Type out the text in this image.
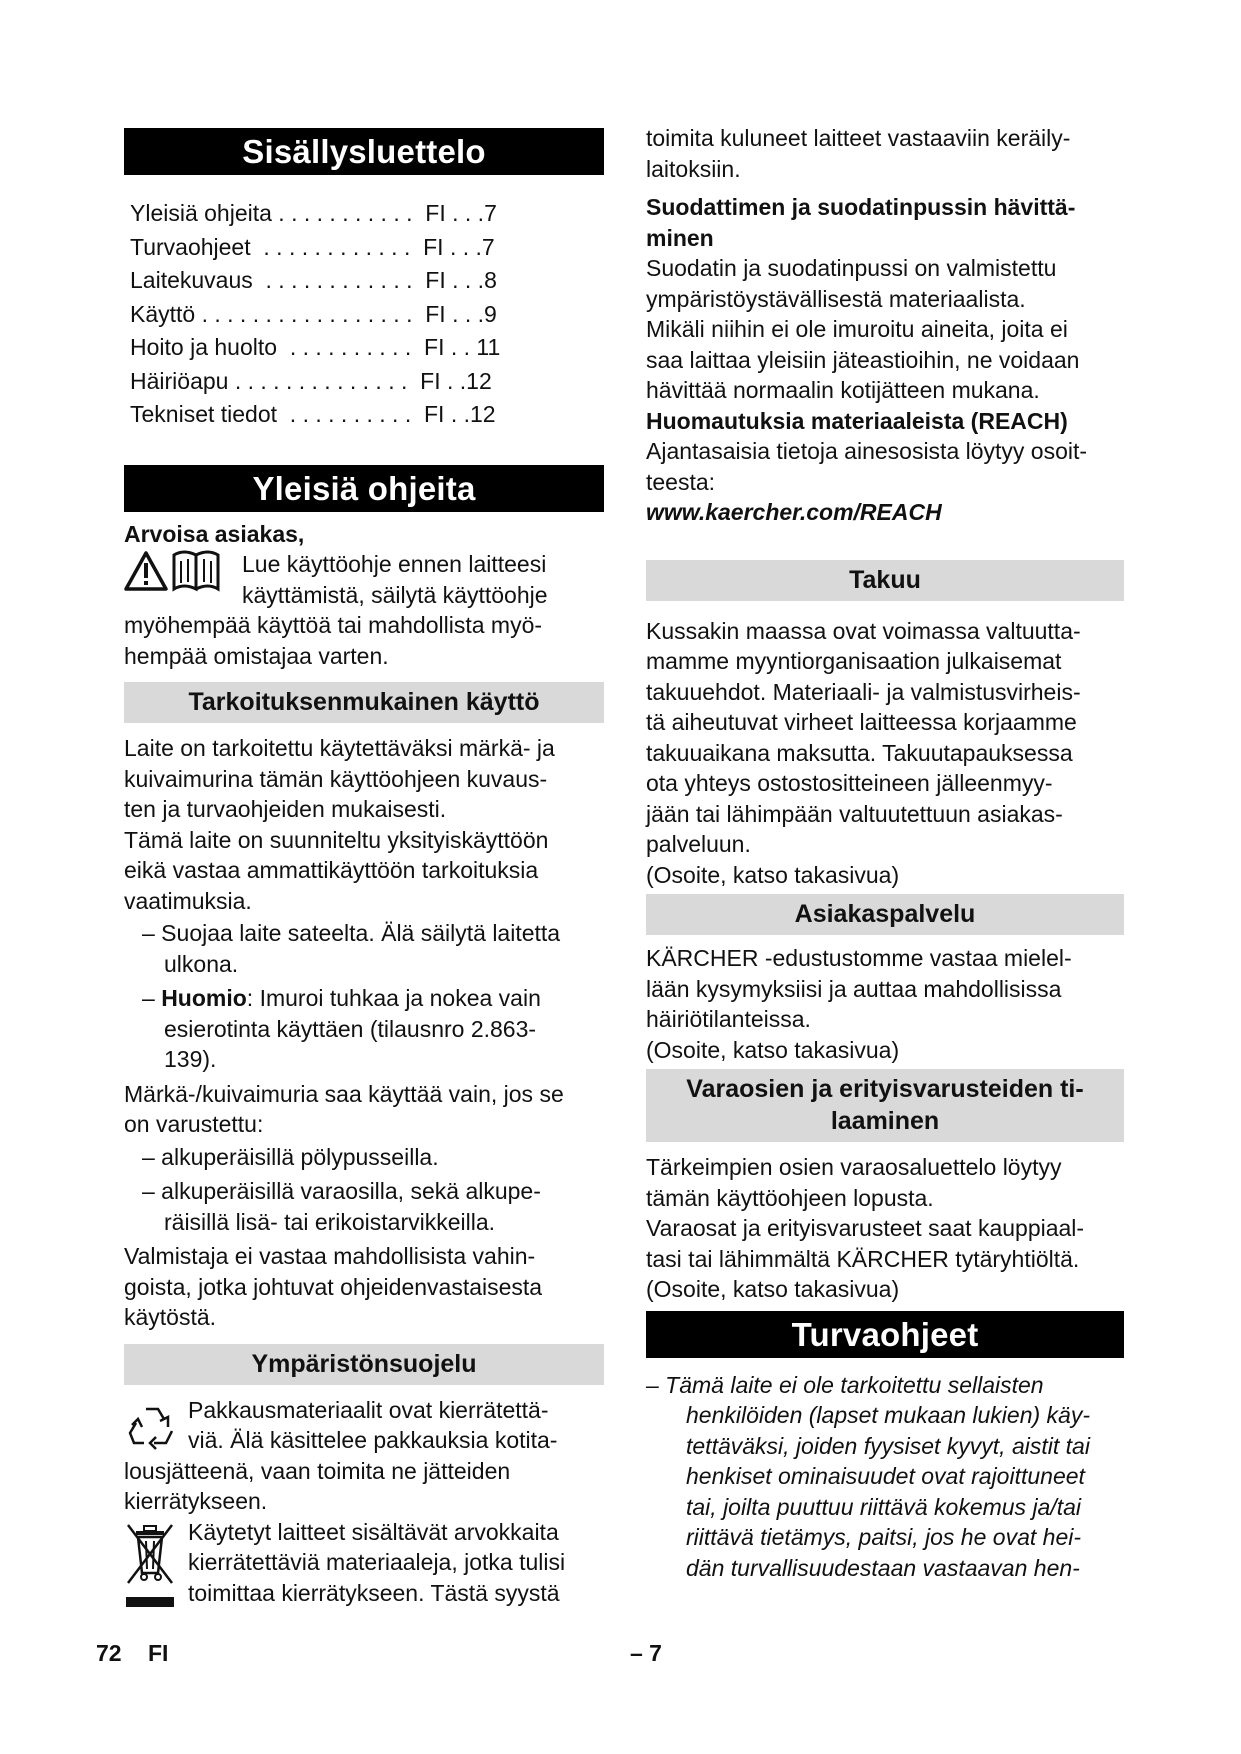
Sisällysluettelo
Yleisiä ohjeita . . . . . . . . . . .  FI . . .7
Turvaohjeet  . . . . . . . . . . . .  FI . . .7
Laitekuvaus  . . . . . . . . . . . .  FI . . .8
Käyttö . . . . . . . . . . . . . . . . .  FI . . .9
Hoito ja huolto  . . . . . . . . . .  FI . . 11
Häiriöapu . . . . . . . . . . . . . .  FI . .12
Tekniset tiedot  . . . . . . . . . .  FI . .12
Yleisiä ohjeita

Arvoisa asiakas,

Lue käyttöohje ennen laitteesi

käyttämistä, säilytä käyttöohje

myöhempää käyttöä tai mahdollista myö-

hempää omistajaa varten.

Tarkoituksenmukainen käyttö

Laite on tarkoitettu käytettäväksi märkä- ja

kuivaimurina tämän käyttöohjeen kuvaus-

ten ja turvaohjeiden mukaisesti.

Tämä laite on suunniteltu yksityiskäyttöön

eikä vastaa ammattikäyttöön tarkoituksia

vaatimuksia.

– Suojaa laite sateelta. Älä säilytä laitetta

ulkona.

– Huomio: Imuroi tuhkaa ja nokea vain

esierotinta käyttäen (tilausnro 2.863-

139).

Märkä-/kuivaimuria saa käyttää vain, jos se

on varustettu:

– alkuperäisillä pölypusseilla.

– alkuperäisillä varaosilla, sekä alkupe-

räisillä lisä- tai erikoistarvikkeilla.

Valmistaja ei vastaa mahdollisista vahin-

goista, jotka johtuvat ohjeidenvastaisesta

käytöstä.

Ympäristönsuojelu

Pakkausmateriaalit ovat kierrätettä-

viä. Älä käsittelee pakkauksia kotita-

lousjätteenä, vaan toimita ne jätteiden

kierrätykseen.

Käytetyt laitteet sisältävät arvokkaita

kierrätettäviä materiaaleja, jotka tulisi

toimittaa kierrätykseen. Tästä syystä

toimita kuluneet laitteet vastaaviin keräily-

laitoksiin.

Suodattimen ja suodatinpussin hävittä-

minen

Suodatin ja suodatinpussi on valmistettu

ympäristöystävällisestä materiaalista.

Mikäli niihin ei ole imuroitu aineita, joita ei

saa laittaa yleisiin jäteastioihin, ne voidaan

hävittää normaalin kotijätteen mukana.

Huomautuksia materiaaleista (REACH)

Ajantasaisia tietoja ainesosista löytyy osoit-

teesta:

www.kaercher.com/REACH

Takuu

Kussakin maassa ovat voimassa valtuutta-

mamme myyntiorganisaation julkaisemat

takuuehdot. Materiaali- ja valmistusvirheis-

tä aiheutuvat virheet laitteessa korjaamme

takuuaikana maksutta. Takuutapauksessa

ota yhteys ostostositteineen jälleenmyy-

jään tai lähimpään valtuutettuun asiakas-

palveluun.

(Osoite, katso takasivua)

Asiakaspalvelu

KÄRCHER -edustustomme vastaa mielel-

lään kysymyksiisi ja auttaa mahdollisissa

häiriötilanteissa.

(Osoite, katso takasivua)

Varaosien ja erityisvarusteiden ti-
laaminen

Tärkeimpien osien varaosaluettelo löytyy

tämän käyttöohjeen lopusta.

Varaosat ja erityisvarusteet saat kauppiaal-

tasi tai lähimmältä KÄRCHER tytäryhtiöltä.

(Osoite, katso takasivua)

Turvaohjeet

– Tämä laite ei ole tarkoitettu sellaisten

henkilöiden (lapset mukaan lukien) käy-

tettäväksi, joiden fyysiset kyvyt, aistit tai

henkiset ominaisuudet ovat rajoittuneet

tai, joilta puuttuu riittävä kokemus ja/tai

riittävä tietämys, paitsi, jos he ovat hei-

dän turvallisuudestaan vastaavan hen-

72 FI	– 7
